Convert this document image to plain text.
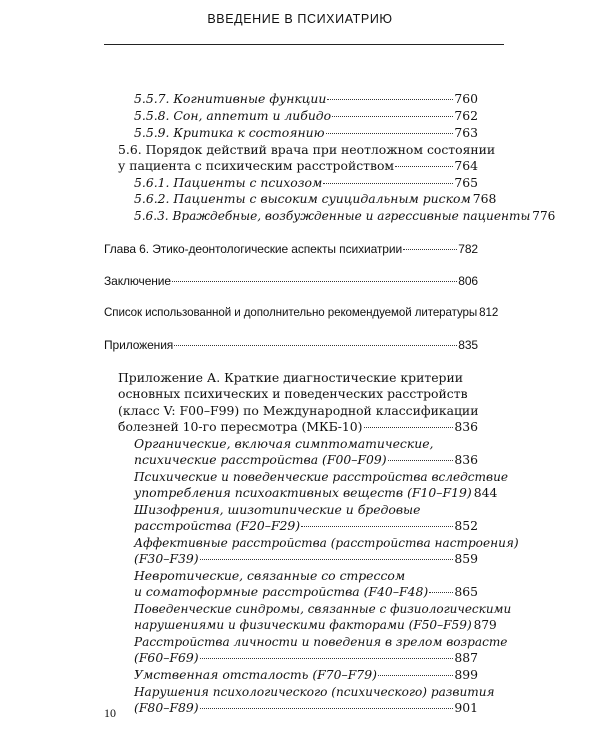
ВВЕДЕНИЕ В ПСИХИАТРИЮ
5.5.7. Когнитивные функции	760
5.5.8. Сон, аппетит и либидо	762
5.5.9. Критика к состоянию	763
5.6. Порядок действий врача при неотложном состоянии
у пациента с психическим расстройством	764
5.6.1. Пациенты с психозом	765
5.6.2. Пациенты с высоким суицидальным риском 768
5.6.3. Враждебные, возбужденные и агрессивные пациенты 776
Глава 6. Этико-деонтологические аспекты психиатрии	782
Заключение	806
Список использованной и дополнительно рекомендуемой литературы 812
Приложения	835
Приложение А. Краткие диагностические критерии
основных психических и поведенческих расстройств
(класс V: F00–F99) по Международной классификации
болезней 10-го пересмотра (МКБ-10)	836
Органические, включая симптоматические,
психические расстройства (F00–F09)	836
Психические и поведенческие расстройства вследствие
употребления психоактивных веществ (F10–F19) 844
Шизофрения, шизотипические и бредовые
расстройства (F20–F29)	852
Аффективные расстройства (расстройства настроения)
(F30–F39)	859
Невротические, связанные со стрессом
и соматоформные расстройства (F40–F48) 865
Поведенческие синдромы, связанные с физиологическими
нарушениями и физическими факторами (F50–F59) 879
Расстройства личности и поведения в зрелом возрасте
(F60–F69)	887
Умственная отсталость (F70–F79)	899
Нарушения психологического (психического) развития
(F80–F89)	901
10
